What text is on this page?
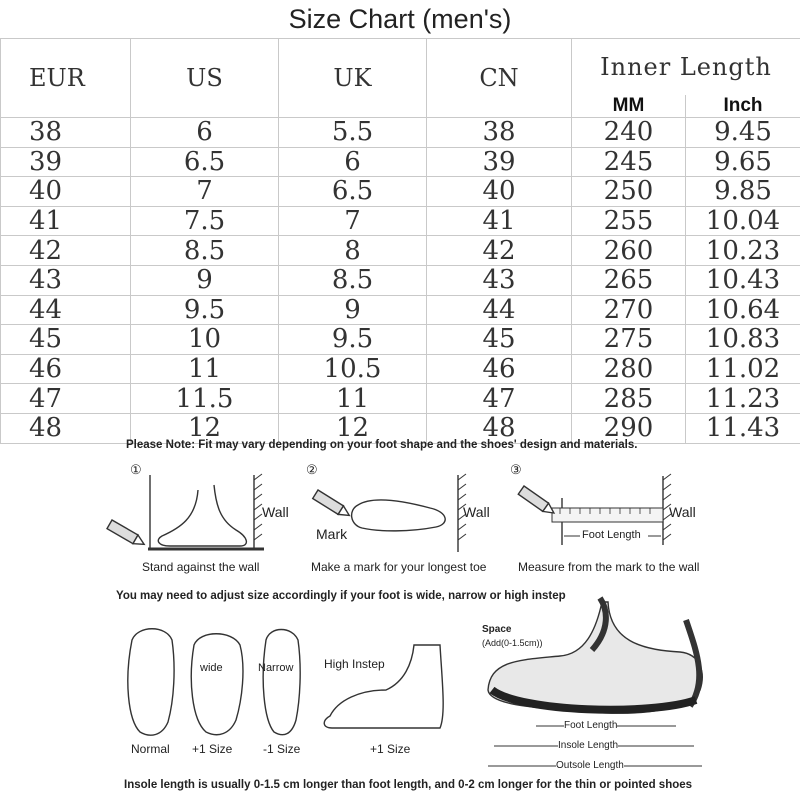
Size Chart (men's)
EUR	US	UK	CN	Inner Length	
				MM	Inch
38	6	5.5	38	240	9.45
39	6.5	6	39	245	9.65
40	7	6.5	40	250	9.85
41	7.5	7	41	255	10.04
42	8.5	8	42	260	10.23
43	9	8.5	43	265	10.43
44	9.5	9	44	270	10.64
45	10	9.5	45	275	10.83
46	11	10.5	46	280	11.02
47	11.5	11	47	285	11.23
48	12	12	48	290	11.43
Please Note: Fit may vary depending on your foot shape and the shoes' design and materials.
①	②	③
Wall	Wall	Wall
Mark	Foot Length
Stand against the wall	Make a mark for your longest toe	Measure from the mark to the wall
You may need to adjust size accordingly if your foot is wide, narrow or high instep
wide	Narrow	High Instep
Normal +1 Size	-1 Size	+1 Size
Space
(Add(0-1.5cm))
Foot Length
Insole Length
Outsole Length
Insole length is usually 0-1.5 cm longer than foot length, and 0-2 cm longer for the thin or pointed shoes
